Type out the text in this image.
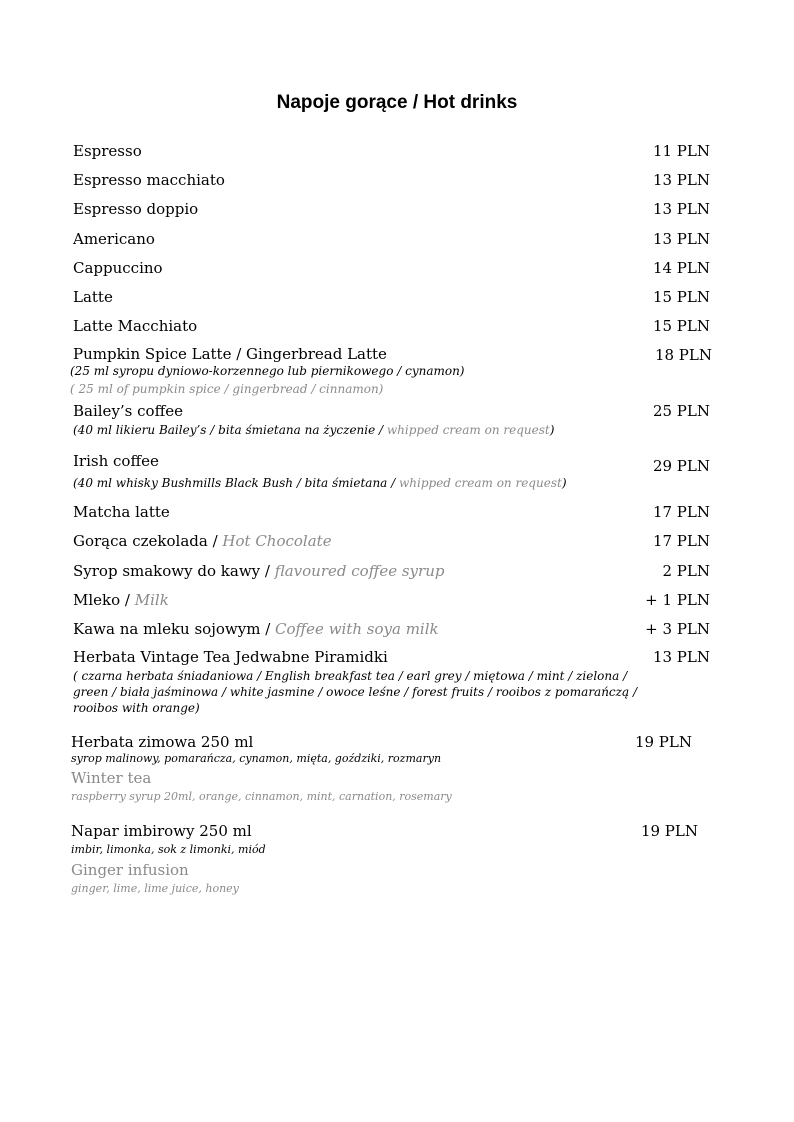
Napoje gorące / Hot drinks
Espresso	11 PLN
Espresso macchiato	13 PLN
Espresso doppio	13 PLN
Americano	13 PLN
Cappuccino	14 PLN
Latte	15 PLN
Latte Macchiato	15 PLN
Pumpkin Spice Latte / Gingerbread Latte	18 PLN
(25 ml syropu dyniowo-korzennego lub piernikowego / cynamon)
( 25 ml of pumpkin spice / gingerbread / cinnamon)
Bailey’s coffee	25 PLN
(40 ml likieru Bailey’s / bita śmietana na życzenie / whipped cream on request)
Irish coffee	29 PLN
(40 ml whisky Bushmills Black Bush / bita śmietana / whipped cream on request)
Matcha latte	17 PLN
Gorąca czekolada / Hot Chocolate	17 PLN
Syrop smakowy do kawy / flavoured coffee syrup	2 PLN
Mleko / Milk	+ 1 PLN
Kawa na mleku sojowym / Coffee with soya milk	+ 3 PLN
Herbata Vintage Tea Jedwabne Piramidki	13 PLN
( czarna herbata śniadaniowa / English breakfast tea / earl grey / miętowa / mint / zielona / green / biała jaśminowa / white jasmine / owoce leśne / forest fruits / rooibos z pomarańczą / rooibos with orange)
Herbata zimowa 250 ml	19 PLN
syrop malinowy, pomarańcza, cynamon, mięta, goździki, rozmaryn
Winter tea
raspberry syrup 20ml, orange, cinnamon, mint, carnation, rosemary
Napar imbirowy 250 ml	19 PLN
imbir, limonka, sok z limonki, miód
Ginger infusion
ginger, lime, lime juice, honey
